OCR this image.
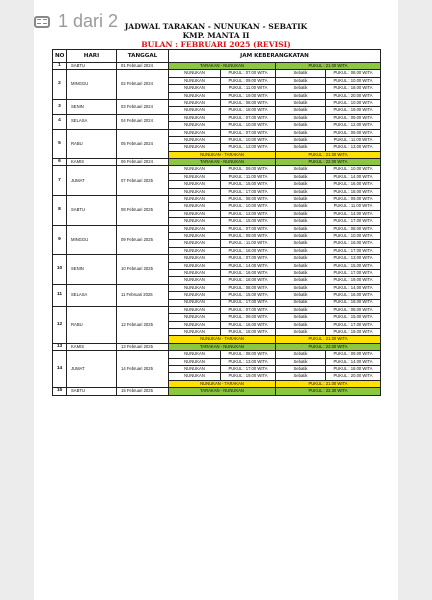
1 dari 2 JADWAL TARAKAN - NUNUKAN - SEBATIK
KMP. MANTA II
BULAN : FEBRUARI 2025 (REVISI)
NO	HARI	TANGGAL	JAM KEBERANGKATAN			
1	SABTU	01 Februari 2024	TARAKAN - NUNUKAN		PUKUL : 21.00 WITA	
2	MINGGU	02 Februari 2024	NUNUKAN	PUKUL : 07.00 WITA	Sebatik	PUKUL : 08.00 WITA
			NUNUKAN	PUKUL : 09.00 WITA	Sebatik	PUKUL : 10.00 WITA
			NUNUKAN	PUKUL : 11.00 WITA	Sebatik	PUKUL : 18.00 WITA
			NUNUKAN	PUKUL : 19.00 WITA	Sebatik	PUKUL : 20.00 WITA
3	SENIN	03 Februari 2024	NUNUKAN	PUKUL : 08.00 WITA	Sebatik	PUKUL : 10.00 WITA
			NUNUKAN	PUKUL : 18.00 WITA	Sebatik	PUKUL : 19.00 WITA
4	SELASA	04 Februari 2024	NUNUKAN	PUKUL : 07.00 WITA	Sebatik	PUKUL : 09.00 WITA
			NUNUKAN	PUKUL : 10.00 WITA	Sebatik	PUKUL : 12.00 WITA
5	RABU	05 Februari 2024	NUNUKAN	PUKUL : 07.00 WITA	Sebatik	PUKUL : 09.00 WITA
			NUNUKAN	PUKUL : 10.00 WITA	Sebatik	PUKUL : 11.00 WITA
			NUNUKAN	PUKUL : 12.00 WITA	Sebatik	PUKUL : 13.00 WITA
			NUNUKAN - TARAKAN		PUKUL : 21.00 WITA	
6	KAMIS	06 Februari 2024	TARAKAN - NUNUKAN		PUKUL : 22.00 WITA	
7	JUMAT	07 Februari 2025	NUNUKAN	PUKUL : 09.00 WITA	Sebatik	PUKUL : 10.00 WITA
			NUNUKAN	PUKUL : 11.00 WITA	Sebatik	PUKUL : 14.00 WITA
			NUNUKAN	PUKUL : 15.00 WITA	Sebatik	PUKUL : 16.00 WITA
			NUNUKAN	PUKUL : 17.00 WITA	Sebatik	PUKUL : 18.00 WITA
8	SABTU	08 Februari 2025	NUNUKAN	PUKUL : 08.00 WITA	Sebatik	PUKUL : 09.00 WITA
			NUNUKAN	PUKUL : 10.00 WITA	Sebatik	PUKUL : 11.00 WITA
			NUNUKAN	PUKUL : 12.00 WITA	Sebatik	PUKUL : 14.00 WITA
			NUNUKAN	PUKUL : 15.00 WITA	Sebatik	PUKUL : 17.00 WITA
9	MINGGU	09 Februari 2025	NUNUKAN	PUKUL : 07.00 WITA	Sebatik	PUKUL : 08.00 WITA
			NUNUKAN	PUKUL : 09.00 WITA	Sebatik	PUKUL : 10.00 WITA
			NUNUKAN	PUKUL : 11.00 WITA	Sebatik	PUKUL : 15.00 WITA
			NUNUKAN	PUKUL : 16.00 WITA	Sebatik	PUKUL : 17.00 WITA
10	SENIN	10 Februari 2025	NUNUKAN	PUKUL : 07.00 WITA	Sebatik	PUKUL : 13.00 WITA
			NUNUKAN	PUKUL : 14.00 WITA	Sebatik	PUKUL : 15.00 WITA
			NUNUKAN	PUKUL : 16.00 WITA	Sebatik	PUKUL : 17.00 WITA
			NUNUKAN	PUKUL : 18.00 WITA	Sebatik	PUKUL : 19.00 WITA
11	SELASA	11 Februari 2025	NUNUKAN	PUKUL : 08.00 WITA	Sebatik	PUKUL : 14.00 WITA
			NUNUKAN	PUKUL : 15.00 WITA	Sebatik	PUKUL : 16.00 WITA
			NUNUKAN	PUKUL : 17.00 WITA	Sebatik	PUKUL : 18.00 WITA
12	RABU	12 Februari 2025	NUNUKAN	PUKUL : 07.00 WITA	Sebatik	PUKUL : 08.00 WITA
			NUNUKAN	PUKUL : 09.00 WITA	Sebatik	PUKUL : 15.00 WITA
			NUNUKAN	PUKUL : 16.00 WITA	Sebatik	PUKUL : 17.00 WITA
			NUNUKAN	PUKUL : 18.00 WITA	Sebatik	PUKUL : 19.00 WITA
			NUNUKAN - TARAKAN		PUKUL : 21.00 WITA	
13	KAMIS	13 Februari 2025	TARAKAN - NUNUKAN		PUKUL : 22.00 WITA	
14	JUMAT	14 Februari 2025	NUNUKAN	PUKUL : 08.00 WITA	Sebatik	PUKUL : 09.00 WITA
			NUNUKAN	PUKUL : 13.00 WITA	Sebatik	PUKUL : 14.00 WITA
			NUNUKAN	PUKUL : 17.00 WITA	Sebatik	PUKUL : 18.00 WITA
			NUNUKAN	PUKUL : 19.00 WITA	Sebatik	PUKUL : 20.00 WITA
			NUNUKAN - TARAKAN		PUKUL : 21.00 WITA	
15	SABTU	15 Februari 2025	TARAKAN - NUNUKAN		PUKUL : 22.30 WITA	
